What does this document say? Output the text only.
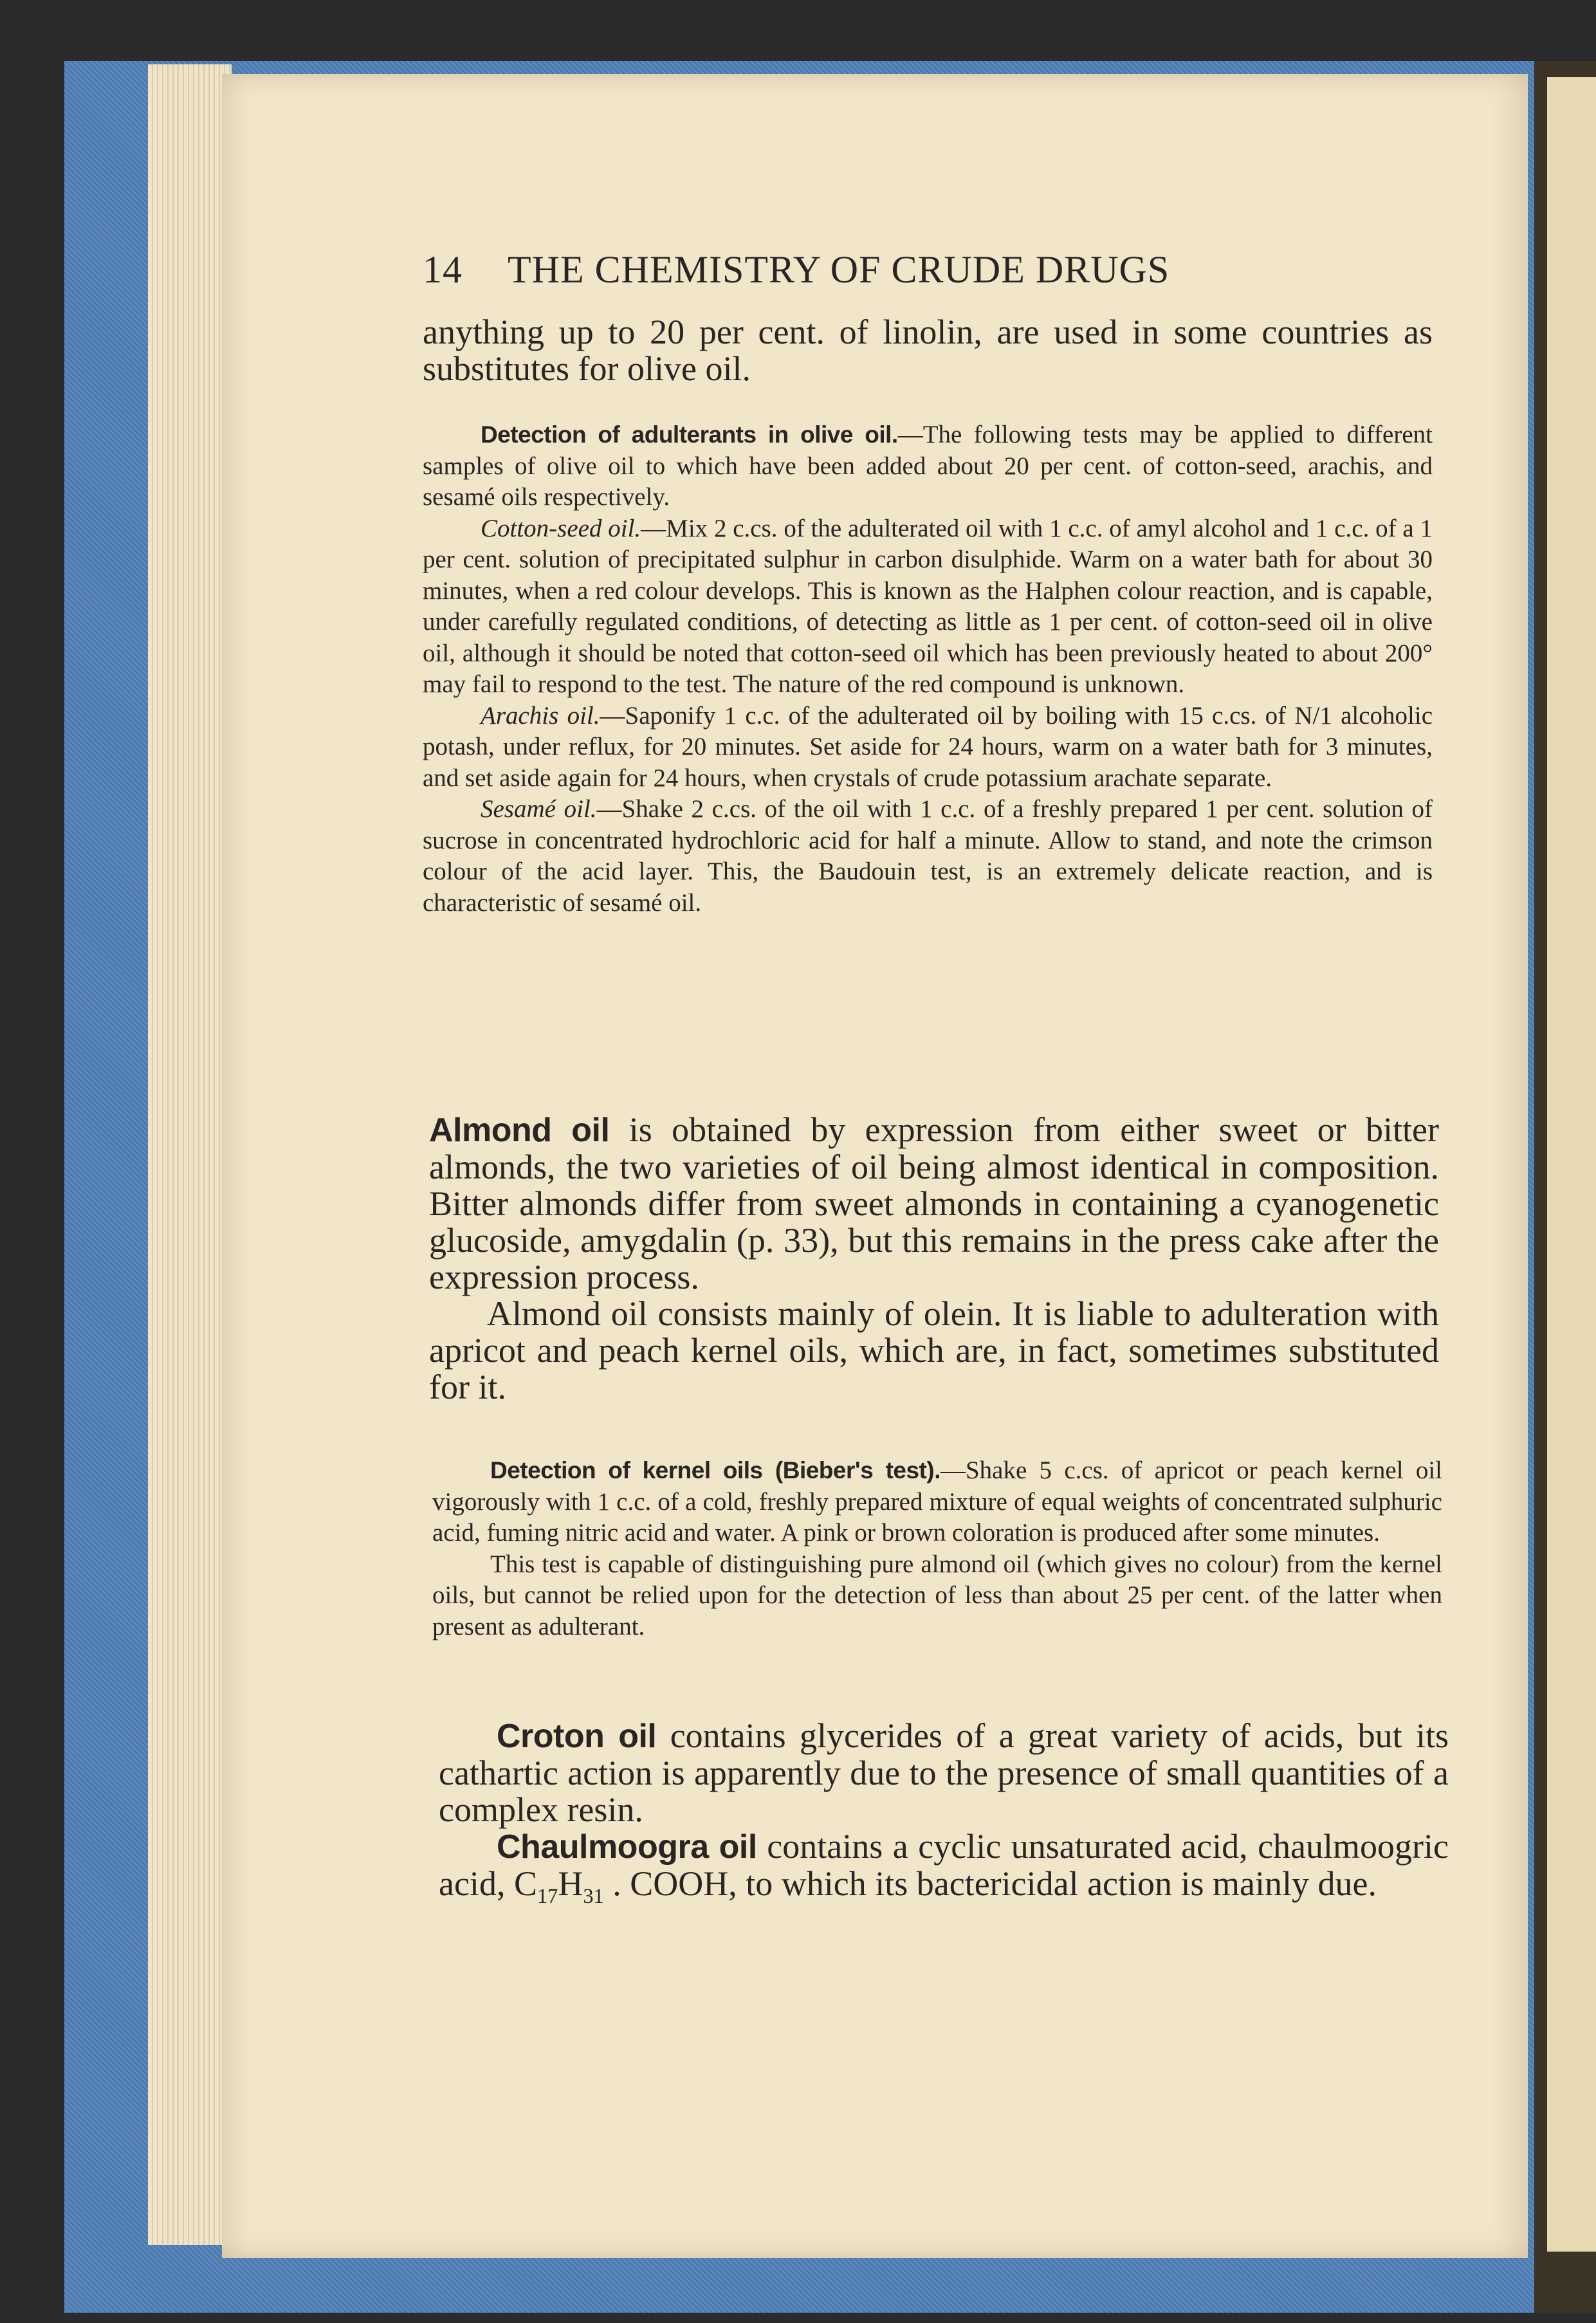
14 THE CHEMISTRY OF CRUDE DRUGS

anything up to 20 per cent. of linolin, are used in some countries as substitutes for olive oil.

Detection of adulterants in olive oil.—The following tests may be applied to different samples of olive oil to which have been added about 20 per cent. of cotton-seed, arachis, and sesamé oils respectively.

Cotton-seed oil.—Mix 2 c.cs. of the adulterated oil with 1 c.c. of amyl alcohol and 1 c.c. of a 1 per cent. solution of precipitated sulphur in carbon disulphide. Warm on a water bath for about 30 minutes, when a red colour develops. This is known as the Halphen colour reaction, and is capable, under carefully regulated conditions, of detecting as little as 1 per cent. of cotton-seed oil in olive oil, although it should be noted that cotton-seed oil which has been previously heated to about 200° may fail to respond to the test. The nature of the red compound is unknown.

Arachis oil.—Saponify 1 c.c. of the adulterated oil by boiling with 15 c.cs. of N/1 alcoholic potash, under reflux, for 20 minutes. Set aside for 24 hours, warm on a water bath for 3 minutes, and set aside again for 24 hours, when crystals of crude potassium arachate separate.

Sesamé oil.—Shake 2 c.cs. of the oil with 1 c.c. of a freshly prepared 1 per cent. solution of sucrose in concentrated hydrochloric acid for half a minute. Allow to stand, and note the crimson colour of the acid layer. This, the Baudouin test, is an extremely delicate reaction, and is characteristic of sesamé oil.

Almond oil is obtained by expression from either sweet or bitter almonds, the two varieties of oil being almost identical in composition. Bitter almonds differ from sweet almonds in containing a cyanogenetic glucoside, amygdalin (p. 33), but this remains in the press cake after the expression process.

Almond oil consists mainly of olein. It is liable to adulteration with apricot and peach kernel oils, which are, in fact, sometimes substituted for it.

Detection of kernel oils (Bieber's test).—Shake 5 c.cs. of apricot or peach kernel oil vigorously with 1 c.c. of a cold, freshly prepared mixture of equal weights of concentrated sulphuric acid, fuming nitric acid and water. A pink or brown coloration is produced after some minutes.

This test is capable of distinguishing pure almond oil (which gives no colour) from the kernel oils, but cannot be relied upon for the detection of less than about 25 per cent. of the latter when present as adulterant.

Croton oil contains glycerides of a great variety of acids, but its cathartic action is apparently due to the presence of small quantities of a complex resin.

Chaulmoogra oil contains a cyclic unsaturated acid, chaulmoogric acid, $C_{17}H_{31}$ . COOH, to which its bactericidal action is mainly due.
